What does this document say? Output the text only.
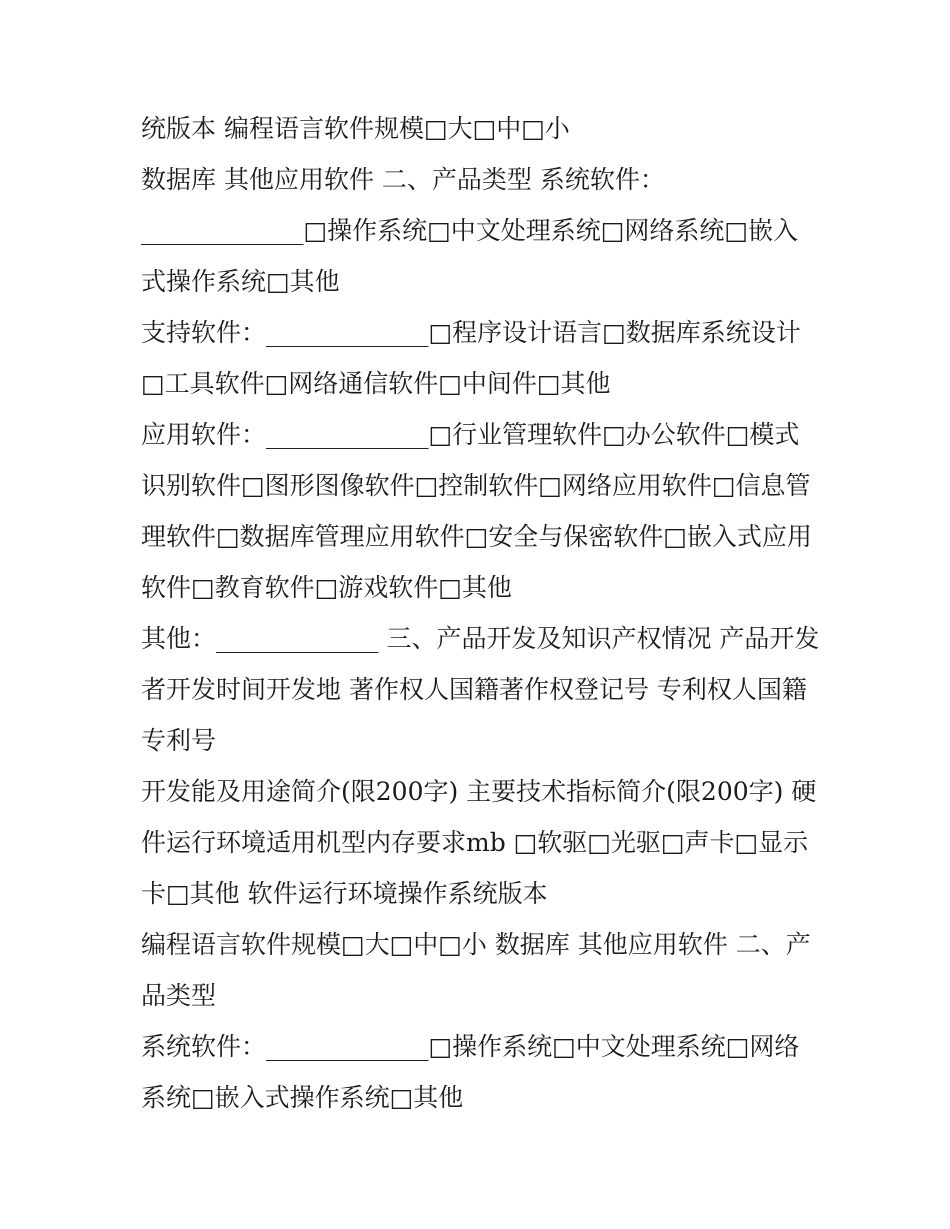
统版本 编程语言软件规模□大□中□小
数据库 其他应用软件 二、产品类型 系统软件：
_____________□操作系统□中文处理系统□网络系统□嵌入
式操作系统□其他
支持软件：_____________□程序设计语言□数据库系统设计
□工具软件□网络通信软件□中间件□其他
应用软件：_____________□行业管理软件□办公软件□模式
识别软件□图形图像软件□控制软件□网络应用软件□信息管
理软件□数据库管理应用软件□安全与保密软件□嵌入式应用
软件□教育软件□游戏软件□其他
其他：_____________ 三、产品开发及知识产权情况 产品开发
者开发时间开发地 著作权人国籍著作权登记号 专利权人国籍
专利号
开发能及用途简介(限200字) 主要技术指标简介(限200字) 硬
件运行环境适用机型内存要求mb □软驱□光驱□声卡□显示
卡□其他 软件运行环境操作系统版本
编程语言软件规模□大□中□小 数据库 其他应用软件 二、产
品类型
系统软件：_____________□操作系统□中文处理系统□网络
系统□嵌入式操作系统□其他
